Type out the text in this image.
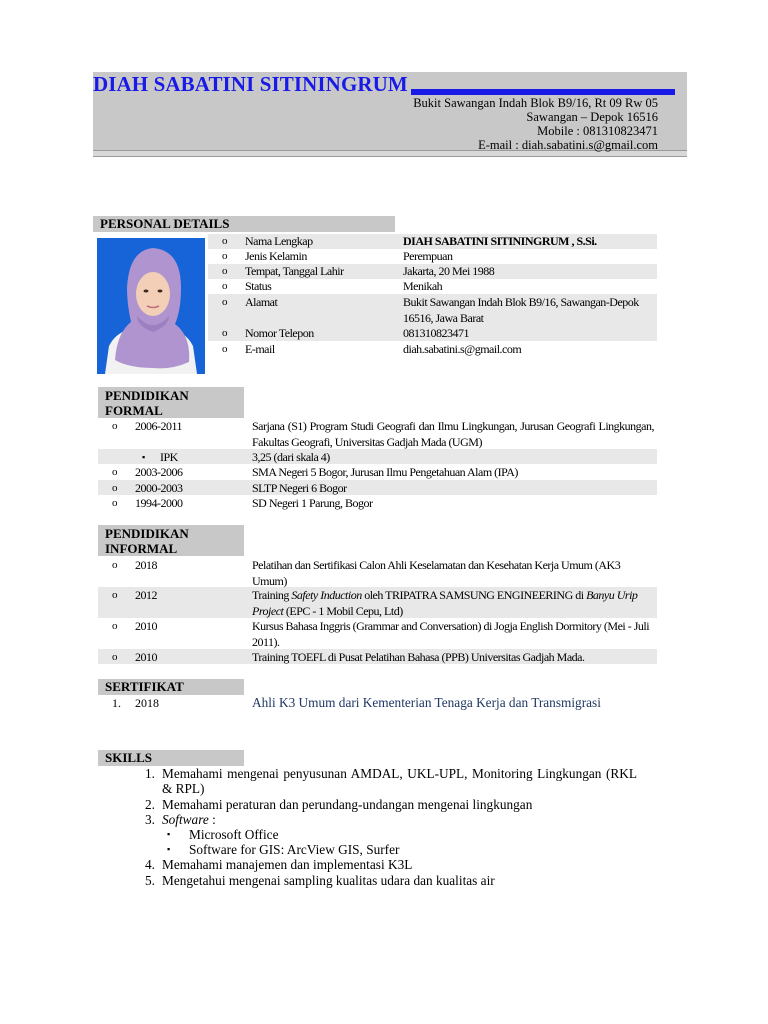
DIAH SABATINI SITININGRUM
Bukit Sawangan Indah Blok B9/16, Rt 09 Rw 05
Sawangan – Depok 16516
Mobile : 081310823471
E-mail : diah.sabatini.s@gmail.com
PERSONAL DETAILS
o Nama Lengkap	DIAH SABATINI SITININGRUM , S.Si.
o Jenis Kelamin	Perempuan
o Tempat, Tanggal Lahir	Jakarta, 20 Mei 1988
o Status	Menikah
o Alamat	Bukit Sawangan Indah Blok B9/16, Sawangan-Depok 16516, Jawa Barat
o Nomor Telepon	081310823471
o E-mail	diah.sabatini.s@gmail.com
PENDIDIKAN
FORMAL
o 2006-2011	Sarjana (S1) Program Studi Geografi dan Ilmu Lingkungan, Jurusan Geografi Lingkungan, Fakultas Geografi, Universitas Gadjah Mada (UGM)
▪ IPK	3,25 (dari skala 4)
o 2003-2006	SMA Negeri 5 Bogor, Jurusan Ilmu Pengetahuan Alam (IPA)
o 2000-2003	SLTP Negeri 6 Bogor
o 1994-2000	SD Negeri 1 Parung, Bogor
PENDIDIKAN
INFORMAL
o 2018	Pelatihan dan Sertifikasi Calon Ahli Keselamatan dan Kesehatan Kerja Umum (AK3 Umum)
o 2012	Training Safety Induction oleh TRIPATRA SAMSUNG ENGINEERING di Banyu Urip Project (EPC - 1 Mobil Cepu, Ltd)
o 2010	Kursus Bahasa Inggris (Grammar and Conversation) di Jogja English Dormitory (Mei - Juli 2011).
o 2010	Training TOEFL di Pusat Pelatihan Bahasa (PPB) Universitas Gadjah Mada.
SERTIFIKAT
1. 2018	Ahli K3 Umum dari Kementerian Tenaga Kerja dan Transmigrasi
SKILLS
1. Memahami mengenai penyusunan AMDAL, UKL-UPL, Monitoring Lingkungan (RKL & RPL)
2. Memahami peraturan dan perundang-undangan mengenai lingkungan
3. Software :
▪ Microsoft Office
▪ Software for GIS: ArcView GIS, Surfer
4. Memahami manajemen dan implementasi K3L
5. Mengetahui mengenai sampling kualitas udara dan kualitas air
